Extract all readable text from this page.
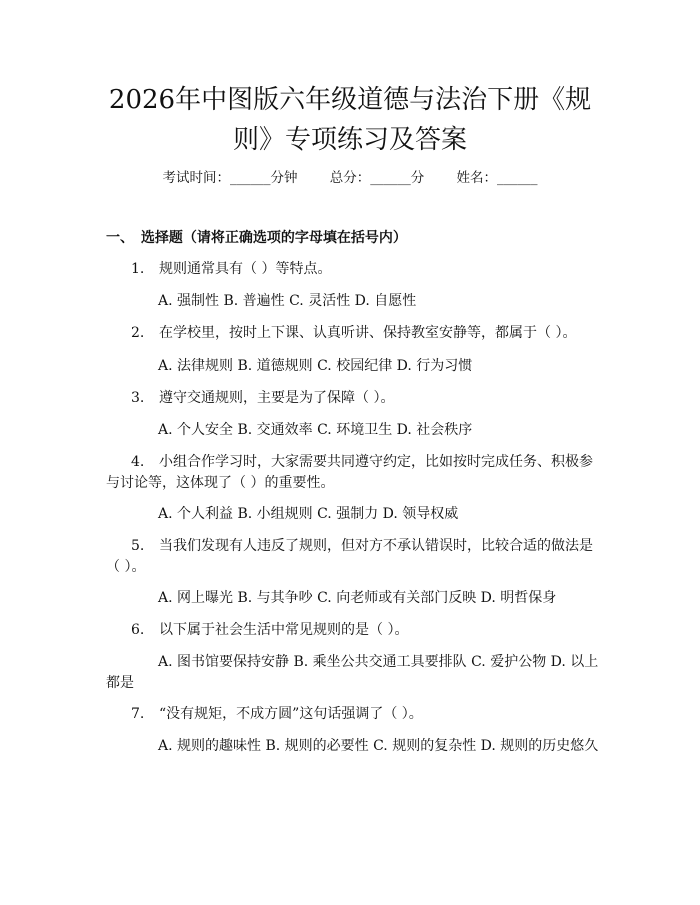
2026年中图版六年级道德与法治下册《规则》专项练习及答案
考试时间：______分钟 总分：______分 姓名：______
一、 选择题（请将正确选项的字母填在括号内）
1. 规则通常具有（ ）等特点。
A. 强制性 B. 普遍性 C. 灵活性 D. 自愿性
2. 在学校里，按时上下课、认真听讲、保持教室安静等，都属于（ ）。
A. 法律规则 B. 道德规则 C. 校园纪律 D. 行为习惯
3. 遵守交通规则，主要是为了保障（ ）。
A. 个人安全 B. 交通效率 C. 环境卫生 D. 社会秩序
4. 小组合作学习时，大家需要共同遵守约定，比如按时完成任务、积极参与讨论等，这体现了（ ）的重要性。
A. 个人利益 B. 小组规则 C. 强制力 D. 领导权威
5. 当我们发现有人违反了规则，但对方不承认错误时，比较合适的做法是（ ）。
A. 网上曝光 B. 与其争吵 C. 向老师或有关部门反映 D. 明哲保身
6. 以下属于社会生活中常见规则的是（ ）。
A. 图书馆要保持安静 B. 乘坐公共交通工具要排队 C. 爱护公物 D. 以上都是
7. “没有规矩，不成方圆”这句话强调了（ ）。
A. 规则的趣味性 B. 规则的必要性 C. 规则的复杂性 D. 规则的历史悠久
